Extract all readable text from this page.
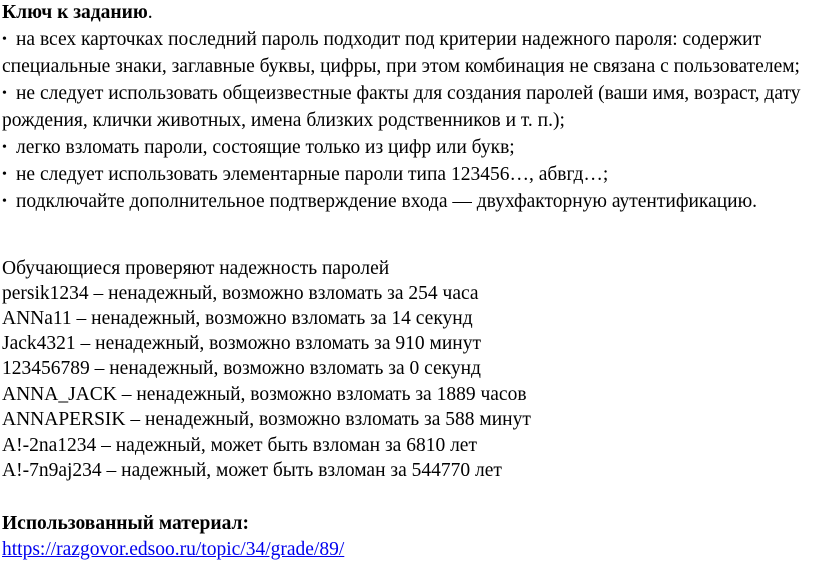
Ключ к заданию.
• на всех карточках последний пароль подходит под критерии надежного пароля: содержит
специальные знаки, заглавные буквы, цифры, при этом комбинация не связана с пользователем;
• не следует использовать общеизвестные факты для создания паролей (ваши имя, возраст, дату
рождения, клички животных, имена близких родственников и т. п.);
• легко взломать пароли, состоящие только из цифр или букв;
• не следует использовать элементарные пароли типа 123456…, абвгд…;
• подключайте дополнительное подтверждение входа — двухфакторную аутентификацию.
Обучающиеся проверяют надежность паролей
persik1234 – ненадежный, возможно взломать за 254 часа
ANNa11 – ненадежный, возможно взломать за 14 секунд
Jack4321 – ненадежный, возможно взломать за 910 минут
123456789 – ненадежный, возможно взломать за 0 секунд
ANNA_JACK – ненадежный, возможно взломать за 1889 часов
ANNAPERSIK – ненадежный, возможно взломать за 588 минут
A!-2na1234 – надежный, может быть взломан за 6810 лет
A!-7n9aj234 – надежный, может быть взломан за 544770 лет
Использованный материал:
https://razgovor.edsoo.ru/topic/34/grade/89/
